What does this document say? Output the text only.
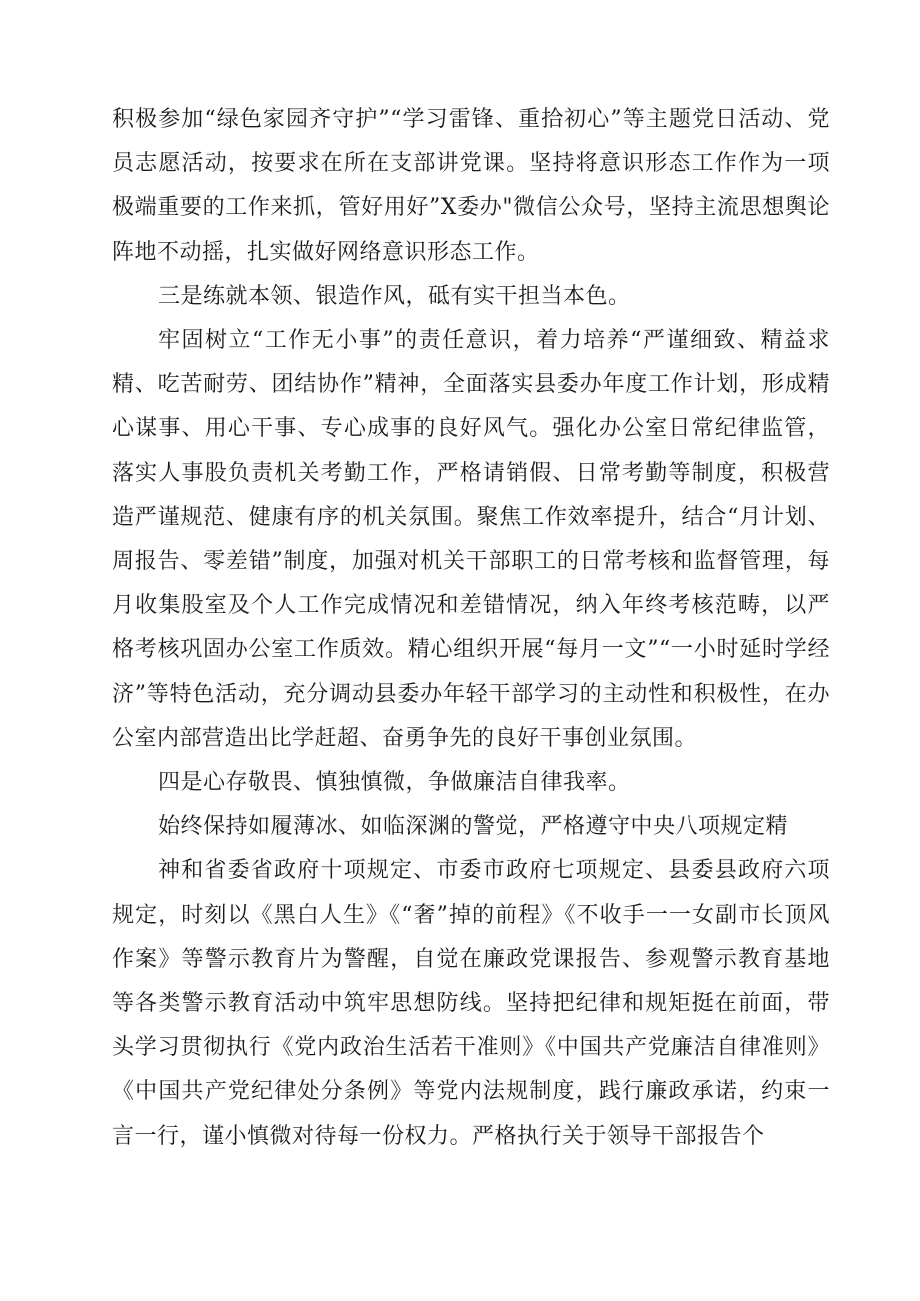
积极参加“绿色家园齐守护”“学习雷锋、重拾初心”等主题党日活动、党员志愿活动，按要求在所在支部讲党课。坚持将意识形态工作作为一项极端重要的工作来抓，管好用好”X委办"微信公众号，坚持主流思想舆论阵地不动摇，扎实做好网络意识形态工作。

三是练就本领、银造作风，砥有实干担当本色。

牢固树立“工作无小事”的责任意识，着力培养“严谨细致、精益求精、吃苦耐劳、团结协作”精神，全面落实县委办年度工作计划，形成精心谋事、用心干事、专心成事的良好风气。强化办公室日常纪律监管，落实人事股负责机关考勤工作，严格请销假、日常考勤等制度，积极营造严谨规范、健康有序的机关氛围。聚焦工作效率提升，结合“月计划、周报告、零差错”制度，加强对机关干部职工的日常考核和监督管理，每月收集股室及个人工作完成情况和差错情况，纳入年终考核范畴，以严格考核巩固办公室工作质效。精心组织开展“每月一文”“一小时延时学经济”等特色活动，充分调动县委办年轻干部学习的主动性和积极性，在办公室内部营造出比学赶超、奋勇争先的良好干事创业氛围。

四是心存敬畏、慎独慎微，争做廉洁自律我率。

始终保持如履薄冰、如临深渊的警觉，严格遵守中央八项规定精

神和省委省政府十项规定、市委市政府七项规定、县委县政府六项规定，时刻以《黑白人生》《“奢”掉的前程》《不收手一一女副市长顶风作案》等警示教育片为警醒，自觉在廉政党课报告、参观警示教育基地等各类警示教育活动中筑牢思想防线。坚持把纪律和规矩挺在前面，带头学习贯彻执行《党内政治生活若干准则》《中国共产党廉洁自律准则》《中国共产党纪律处分条例》等党内法规制度，践行廉政承诺，约束一言一行，谨小慎微对待每一份权力。严格执行关于领导干部报告个
